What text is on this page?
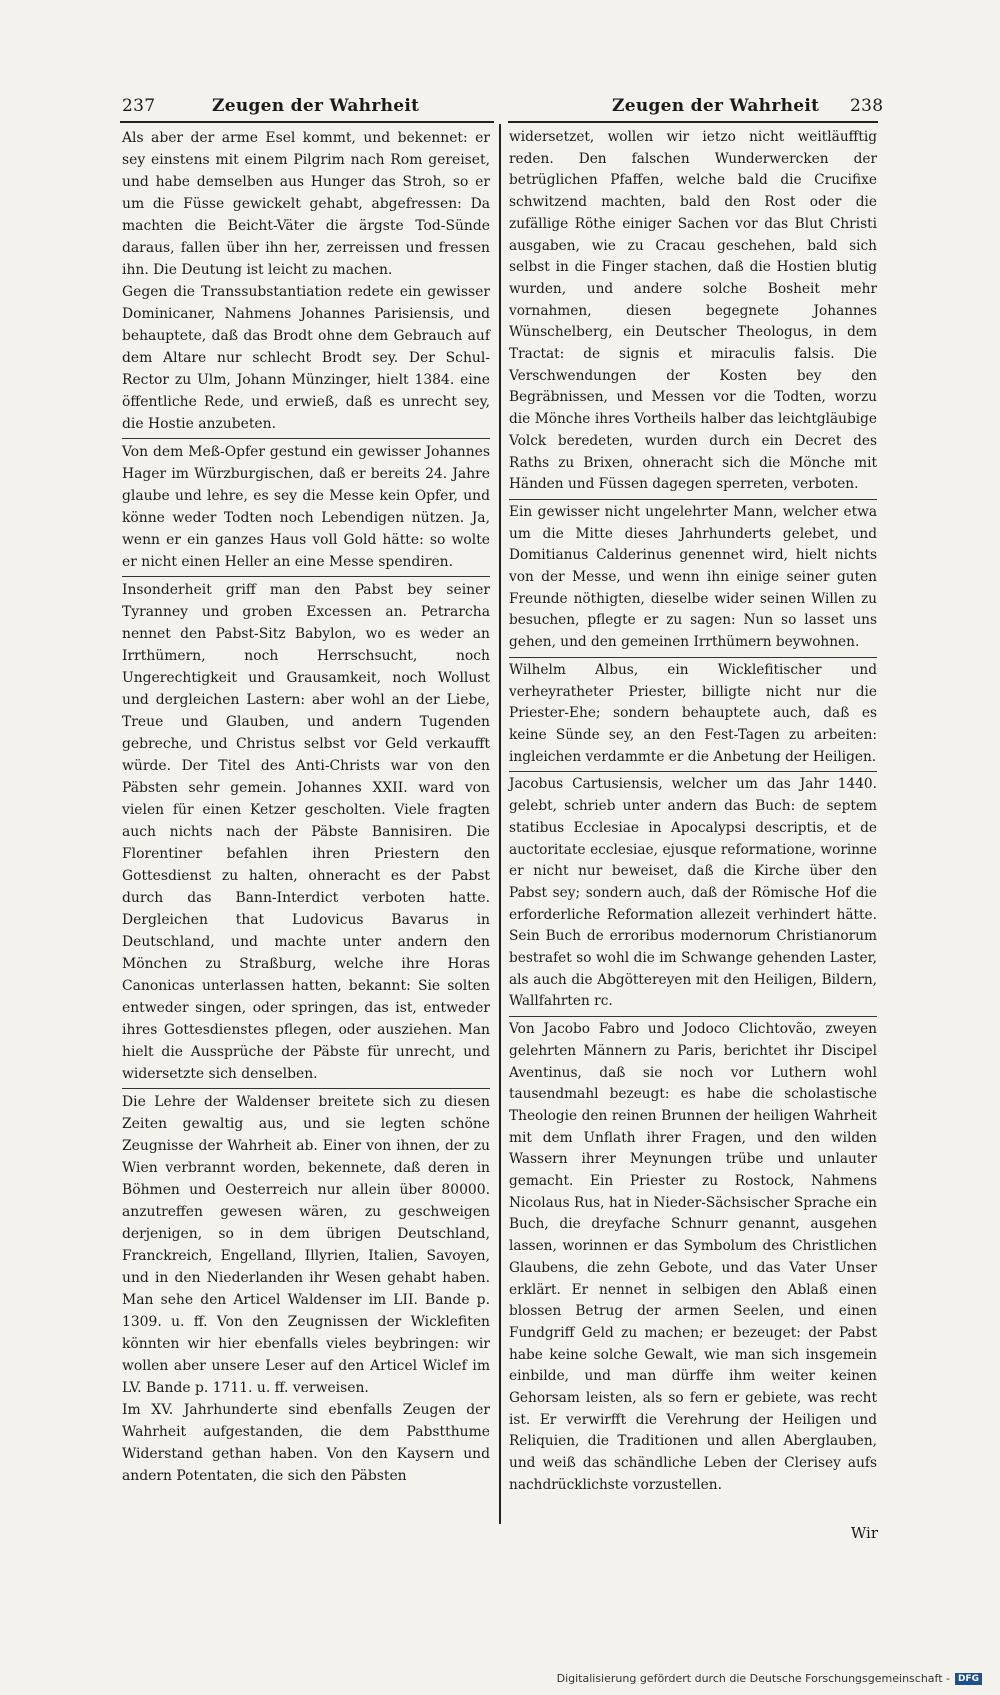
237	Zeugen der Wahrheit	Zeugen der Wahrheit 238

Als aber der arme Esel kommt, und bekennet: er sey einstens mit einem Pilgrim nach Rom gereiset, und habe demselben aus Hunger das Stroh, so er um die Füsse gewickelt gehabt, abgefressen: Da machten die Beicht-Väter die ärgste Tod-Sünde daraus, fallen über ihn her, zerreissen und fressen ihn. Die Deutung ist leicht zu machen.

Gegen die Transsubstantiation redete ein gewisser Dominicaner, Nahmens Johannes Parisiensis, und behauptete, daß das Brodt ohne dem Gebrauch auf dem Altare nur schlecht Brodt sey. Der Schul-Rector zu Ulm, Johann Münzinger, hielt 1384. eine öffentliche Rede, und erwieß, daß es unrecht sey, die Hostie anzubeten.

Von dem Meß-Opfer gestund ein gewisser Johannes Hager im Würzburgischen, daß er bereits 24. Jahre glaube und lehre, es sey die Messe kein Opfer, und könne weder Todten noch Lebendigen nützen. Ja, wenn er ein ganzes Haus voll Gold hätte: so wolte er nicht einen Heller an eine Messe spendiren.

Insonderheit griff man den Pabst bey seiner Tyranney und groben Excessen an. Petrarcha nennet den Pabst-Sitz Babylon, wo es weder an Irrthümern, noch Herrschsucht, noch Ungerechtigkeit und Grausamkeit, noch Wollust und dergleichen Lastern: aber wohl an der Liebe, Treue und Glauben, und andern Tugenden gebreche, und Christus selbst vor Geld verkaufft würde. Der Titel des Anti-Christs war von den Päbsten sehr gemein. Johannes XXII. ward von vielen für einen Ketzer gescholten. Viele fragten auch nichts nach der Päbste Bannisiren. Die Florentiner befahlen ihren Priestern den Gottesdienst zu halten, ohneracht es der Pabst durch das Bann-Interdict verboten hatte. Dergleichen that Ludovicus Bavarus in Deutschland, und machte unter andern den Mönchen zu Straßburg, welche ihre Horas Canonicas unterlassen hatten, bekannt: Sie solten entweder singen, oder springen, das ist, entweder ihres Gottesdienstes pflegen, oder ausziehen. Man hielt die Aussprüche der Päbste für unrecht, und widersetzte sich denselben.

Die Lehre der Waldenser breitete sich zu diesen Zeiten gewaltig aus, und sie legten schöne Zeugnisse der Wahrheit ab. Einer von ihnen, der zu Wien verbrannt worden, bekennete, daß deren in Böhmen und Oesterreich nur allein über 80000. anzutreffen gewesen wären, zu geschweigen derjenigen, so in dem übrigen Deutschland, Franckreich, Engelland, Illyrien, Italien, Savoyen, und in den Niederlanden ihr Wesen gehabt haben. Man sehe den Articel Waldenser im LII. Bande p. 1309. u. ff. Von den Zeugnissen der Wicklefiten könnten wir hier ebenfalls vieles beybringen: wir wollen aber unsere Leser auf den Articel Wiclef im LV. Bande p. 1711. u. ff. verweisen.

Im XV. Jahrhunderte sind ebenfalls Zeugen der Wahrheit aufgestanden, die dem Pabstthume Widerstand gethan haben. Von den Kaysern und andern Potentaten, die sich den Päbsten

widersetzet, wollen wir ietzo nicht weitläufftig reden. Den falschen Wunderwercken der betrüglichen Pfaffen, welche bald die Crucifixe schwitzend machten, bald den Rost oder die zufällige Röthe einiger Sachen vor das Blut Christi ausgaben, wie zu Cracau geschehen, bald sich selbst in die Finger stachen, daß die Hostien blutig wurden, und andere solche Bosheit mehr vornahmen, diesen begegnete Johannes Wünschelberg, ein Deutscher Theologus, in dem Tractat: de signis et miraculis falsis. Die Verschwendungen der Kosten bey den Begräbnissen, und Messen vor die Todten, worzu die Mönche ihres Vortheils halber das leichtgläubige Volck beredeten, wurden durch ein Decret des Raths zu Brixen, ohneracht sich die Mönche mit Händen und Füssen dagegen sperreten, verboten.

Ein gewisser nicht ungelehrter Mann, welcher etwa um die Mitte dieses Jahrhunderts gelebet, und Domitianus Calderinus genennet wird, hielt nichts von der Messe, und wenn ihn einige seiner guten Freunde nöthigten, dieselbe wider seinen Willen zu besuchen, pflegte er zu sagen: Nun so lasset uns gehen, und den gemeinen Irrthümern beywohnen.

Wilhelm Albus, ein Wicklefitischer und verheyratheter Priester, billigte nicht nur die Priester-Ehe; sondern behauptete auch, daß es keine Sünde sey, an den Fest-Tagen zu arbeiten: ingleichen verdammte er die Anbetung der Heiligen.

Jacobus Cartusiensis, welcher um das Jahr 1440. gelebt, schrieb unter andern das Buch: de septem statibus Ecclesiae in Apocalypsi descriptis, et de auctoritate ecclesiae, ejusque reformatione, worinne er nicht nur beweiset, daß die Kirche über den Pabst sey; sondern auch, daß der Römische Hof die erforderliche Reformation allezeit verhindert hätte. Sein Buch de erroribus modernorum Christianorum bestrafet so wohl die im Schwange gehenden Laster, als auch die Abgöttereyen mit den Heiligen, Bildern, Wallfahrten rc.

Von Jacobo Fabro und Jodoco Clichtovão, zweyen gelehrten Männern zu Paris, berichtet ihr Discipel Aventinus, daß sie noch vor Luthern wohl tausendmahl bezeugt: es habe die scholastische Theologie den reinen Brunnen der heiligen Wahrheit mit dem Unflath ihrer Fragen, und den wilden Wassern ihrer Meynungen trübe und unlauter gemacht. Ein Priester zu Rostock, Nahmens Nicolaus Rus, hat in Nieder-Sächsischer Sprache ein Buch, die dreyfache Schnurr genannt, ausgehen lassen, worinnen er das Symbolum des Christlichen Glaubens, die zehn Gebote, und das Vater Unser erklärt. Er nennet in selbigen den Ablaß einen blossen Betrug der armen Seelen, und einen Fundgriff Geld zu machen; er bezeuget: der Pabst habe keine solche Gewalt, wie man sich insgemein einbilde, und man dürffe ihm weiter keinen Gehorsam leisten, als so fern er gebiete, was recht ist. Er verwirfft die Verehrung der Heiligen und Reliquien, die Traditionen und allen Aberglauben, und weiß das schändliche Leben der Clerisey aufs nachdrücklichste vorzustellen.

Wir
Digitalisierung gefördert durch die Deutsche Forschungsgemeinschaft - DFG
